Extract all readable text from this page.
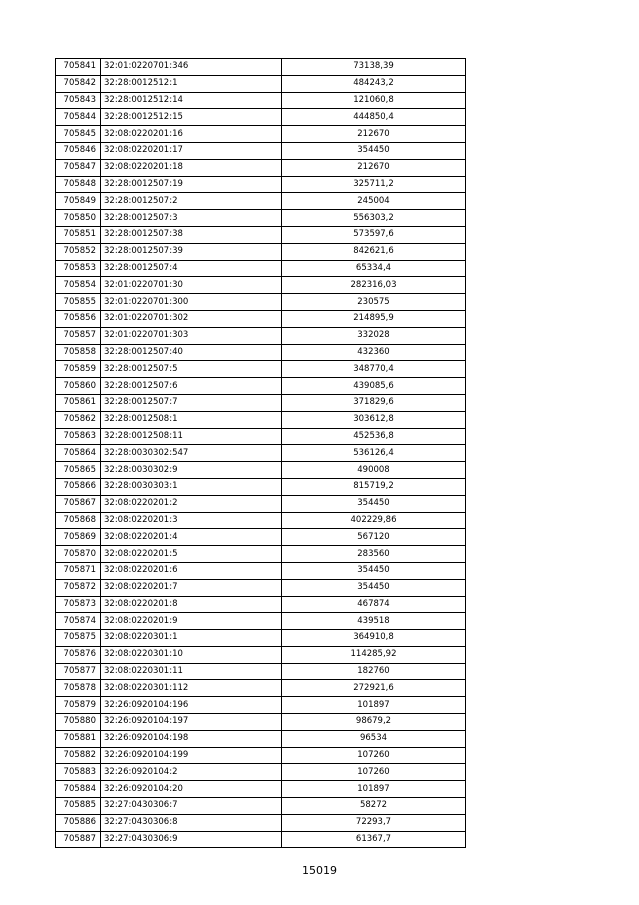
705841	32:01:0220701:346	73138,39
705842	32:28:0012512:1	484243,2
705843	32:28:0012512:14	121060,8
705844	32:28:0012512:15	444850,4
705845	32:08:0220201:16	212670
705846	32:08:0220201:17	354450
705847	32:08:0220201:18	212670
705848	32:28:0012507:19	325711,2
705849	32:28:0012507:2	245004
705850	32:28:0012507:3	556303,2
705851	32:28:0012507:38	573597,6
705852	32:28:0012507:39	842621,6
705853	32:28:0012507:4	65334,4
705854	32:01:0220701:30	282316,03
705855	32:01:0220701:300	230575
705856	32:01:0220701:302	214895,9
705857	32:01:0220701:303	332028
705858	32:28:0012507:40	432360
705859	32:28:0012507:5	348770,4
705860	32:28:0012507:6	439085,6
705861	32:28:0012507:7	371829,6
705862	32:28:0012508:1	303612,8
705863	32:28:0012508:11	452536,8
705864	32:28:0030302:547	536126,4
705865	32:28:0030302:9	490008
705866	32:28:0030303:1	815719,2
705867	32:08:0220201:2	354450
705868	32:08:0220201:3	402229,86
705869	32:08:0220201:4	567120
705870	32:08:0220201:5	283560
705871	32:08:0220201:6	354450
705872	32:08:0220201:7	354450
705873	32:08:0220201:8	467874
705874	32:08:0220201:9	439518
705875	32:08:0220301:1	364910,8
705876	32:08:0220301:10	114285,92
705877	32:08:0220301:11	182760
705878	32:08:0220301:112	272921,6
705879	32:26:0920104:196	101897
705880	32:26:0920104:197	98679,2
705881	32:26:0920104:198	96534
705882	32:26:0920104:199	107260
705883	32:26:0920104:2	107260
705884	32:26:0920104:20	101897
705885	32:27:0430306:7	58272
705886	32:27:0430306:8	72293,7
705887	32:27:0430306:9	61367,7
15019
